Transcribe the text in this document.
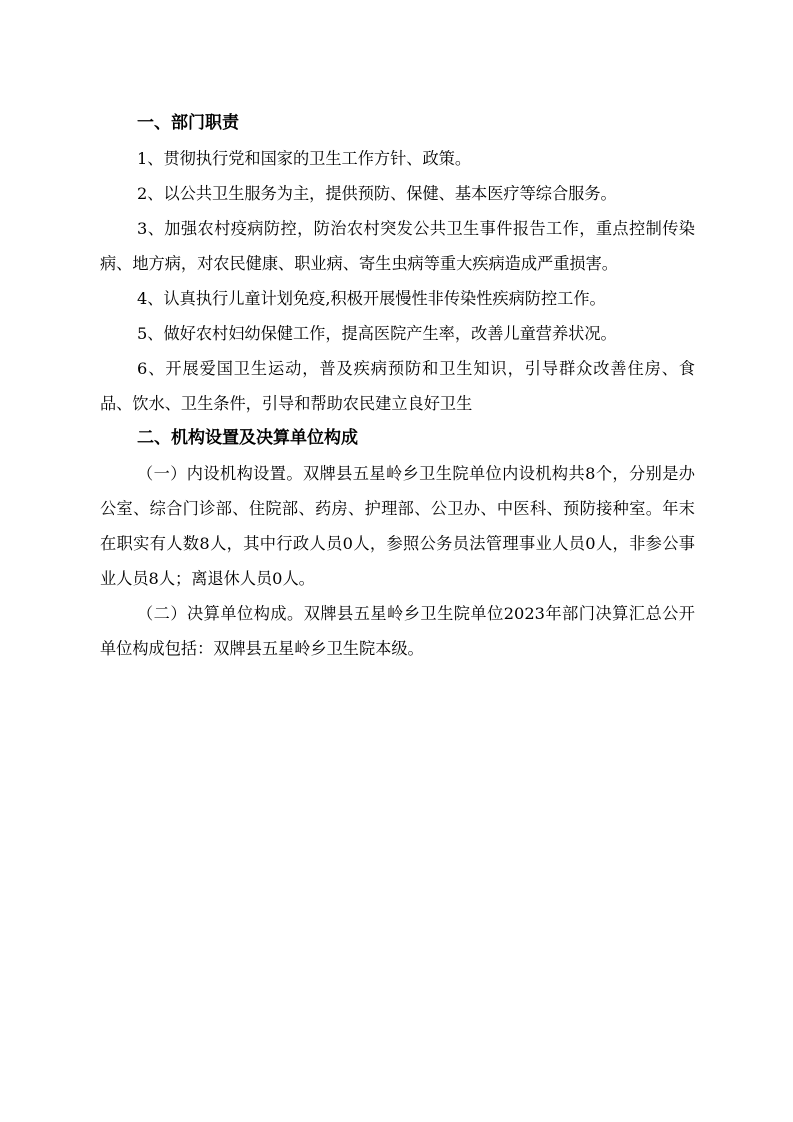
一、部门职责

1、贯彻执行党和国家的卫生工作方针、政策。

2、以公共卫生服务为主，提供预防、保健、基本医疗等综合服务。

3、加强农村疫病防控，防治农村突发公共卫生事件报告工作，重点控制传染病、地方病，对农民健康、职业病、寄生虫病等重大疾病造成严重损害。

4、认真执行儿童计划免疫,积极开展慢性非传染性疾病防控工作。

5、做好农村妇幼保健工作，提高医院产生率，改善儿童营养状况。

6、开展爱国卫生运动，普及疾病预防和卫生知识，引导群众改善住房、食品、饮水、卫生条件，引导和帮助农民建立良好卫生

二、机构设置及决算单位构成

（一）内设机构设置。双牌县五星岭乡卫生院单位内设机构共8个，分别是办公室、综合门诊部、住院部、药房、护理部、公卫办、中医科、预防接种室。年末在职实有人数8人，其中行政人员0人，参照公务员法管理事业人员0人，非参公事业人员8人；离退休人员0人。

（二）决算单位构成。双牌县五星岭乡卫生院单位2023年部门决算汇总公开单位构成包括：双牌县五星岭乡卫生院本级。
